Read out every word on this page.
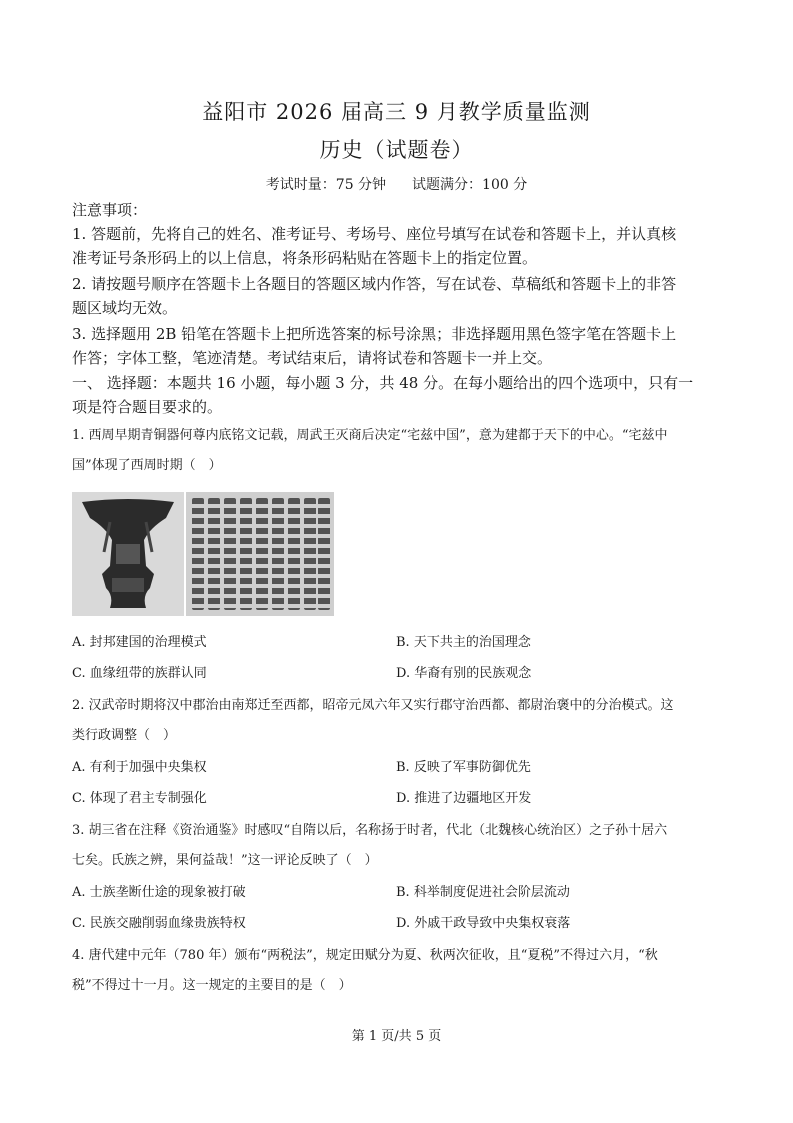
益阳市 2026 届高三 9 月教学质量监测
历史（试题卷）
考试时量：75 分钟 试题满分：100 分
注意事项：
1. 答题前，先将自己的姓名、准考证号、考场号、座位号填写在试卷和答题卡上，并认真核
准考证号条形码上的以上信息，将条形码粘贴在答题卡上的指定位置。
2. 请按题号顺序在答题卡上各题目的答题区域内作答，写在试卷、草稿纸和答题卡上的非答
题区域均无效。
3. 选择题用 2B 铅笔在答题卡上把所选答案的标号涂黑；非选择题用黑色签字笔在答题卡上
作答；字体工整，笔迹清楚。考试结束后，请将试卷和答题卡一并上交。
一、 选择题：本题共 16 小题，每小题 3 分，共 48 分。在每小题给出的四个选项中，只有一
项是符合题目要求的。
1. 西周早期青铜器何尊内底铭文记载，周武王灭商后决定“宅兹中国”，意为建都于天下的中心。“宅兹中
国”体现了西周时期（　）
A. 封邦建国的治理模式	B. 天下共主的治国理念
C. 血缘纽带的族群认同	D. 华裔有别的民族观念
2. 汉武帝时期将汉中郡治由南郑迁至西都，昭帝元凤六年又实行郡守治西都、都尉治褒中的分治模式。这
类行政调整（　）
A. 有利于加强中央集权	B. 反映了军事防御优先
C. 体现了君主专制强化	D. 推进了边疆地区开发
3. 胡三省在注释《资治通鉴》时感叹“自隋以后，名称扬于时者，代北（北魏核心统治区）之子孙十居六
七矣。氏族之辨，果何益哉！”这一评论反映了（　）
A. 士族垄断仕途的现象被打破	B. 科举制度促进社会阶层流动
C. 民族交融削弱血缘贵族特权	D. 外戚干政导致中央集权衰落
4. 唐代建中元年（780 年）颁布“两税法”，规定田赋分为夏、秋两次征收，且“夏税”不得过六月，“秋
税”不得过十一月。这一规定的主要目的是（　）
第 1 页/共 5 页
